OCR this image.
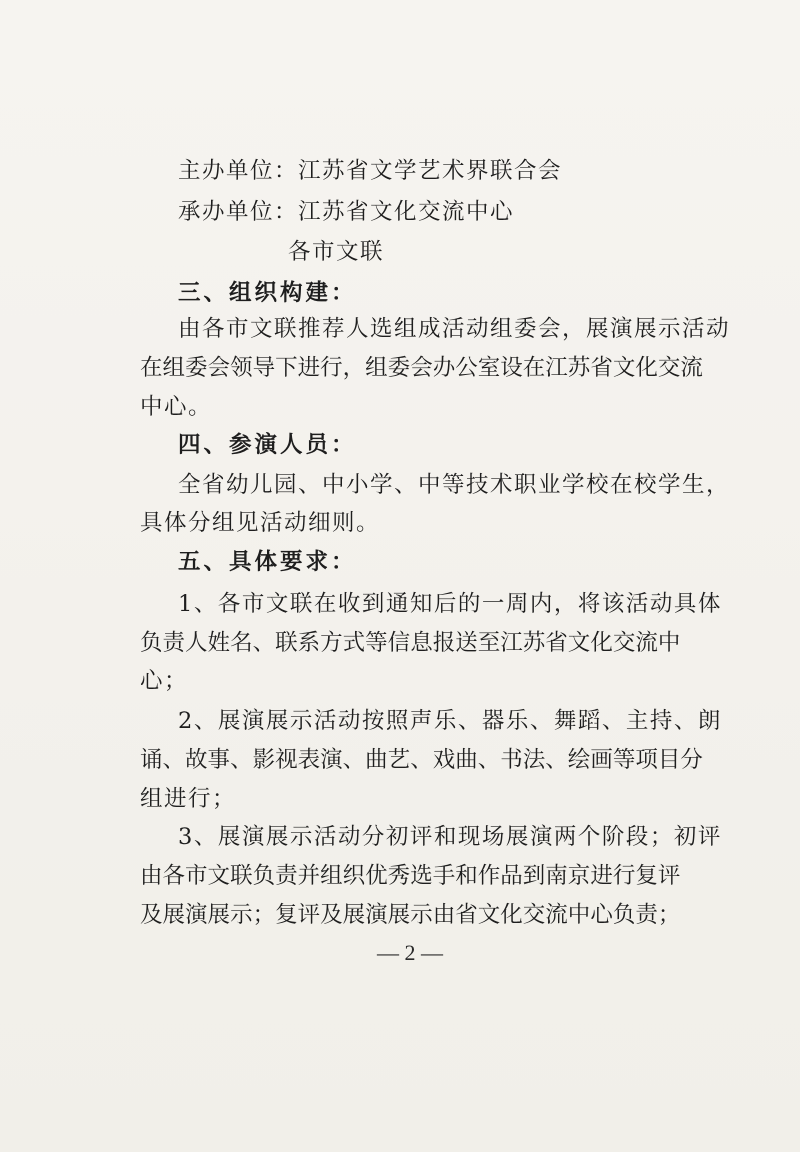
主办单位：江苏省文学艺术界联合会
承办单位：江苏省文化交流中心
各市文联
三、组织构建：
由各市文联推荐人选组成活动组委会，展演展示活动
在 组 委 会 领 导 下 进 行 ， 组 委 会 办 公 室 设 在 江 苏 省 文 化 交 流
中心。
四、参演人员：
全省幼儿园、中小学、中等技术职业学校在校学生，
具体分组见活动细则。
五、具体要求：
1、各市文联在收到通知后的一周内，将该活动具体
负 责 人 姓 名 、 联 系 方 式 等 信 息 报 送 至 江 苏 省 文 化 交 流 中
心；
2、展演展示活动按照声乐、器乐、舞蹈、主持、朗
诵 、 故 事 、 影 视 表 演 、 曲 艺 、 戏 曲 、 书 法 、 绘 画 等 项 目 分
组进行；
3、展演展示活动分初评和现场展演两个阶段；初评
由 各 市 文 联 负 责 并 组 织 优 秀 选 手 和 作 品 到 南 京 进 行 复 评
及 展 演 展 示 ； 复 评 及 展 演 展 示 由 省 文 化 交 流 中 心 负 责 ；
— 2 —
